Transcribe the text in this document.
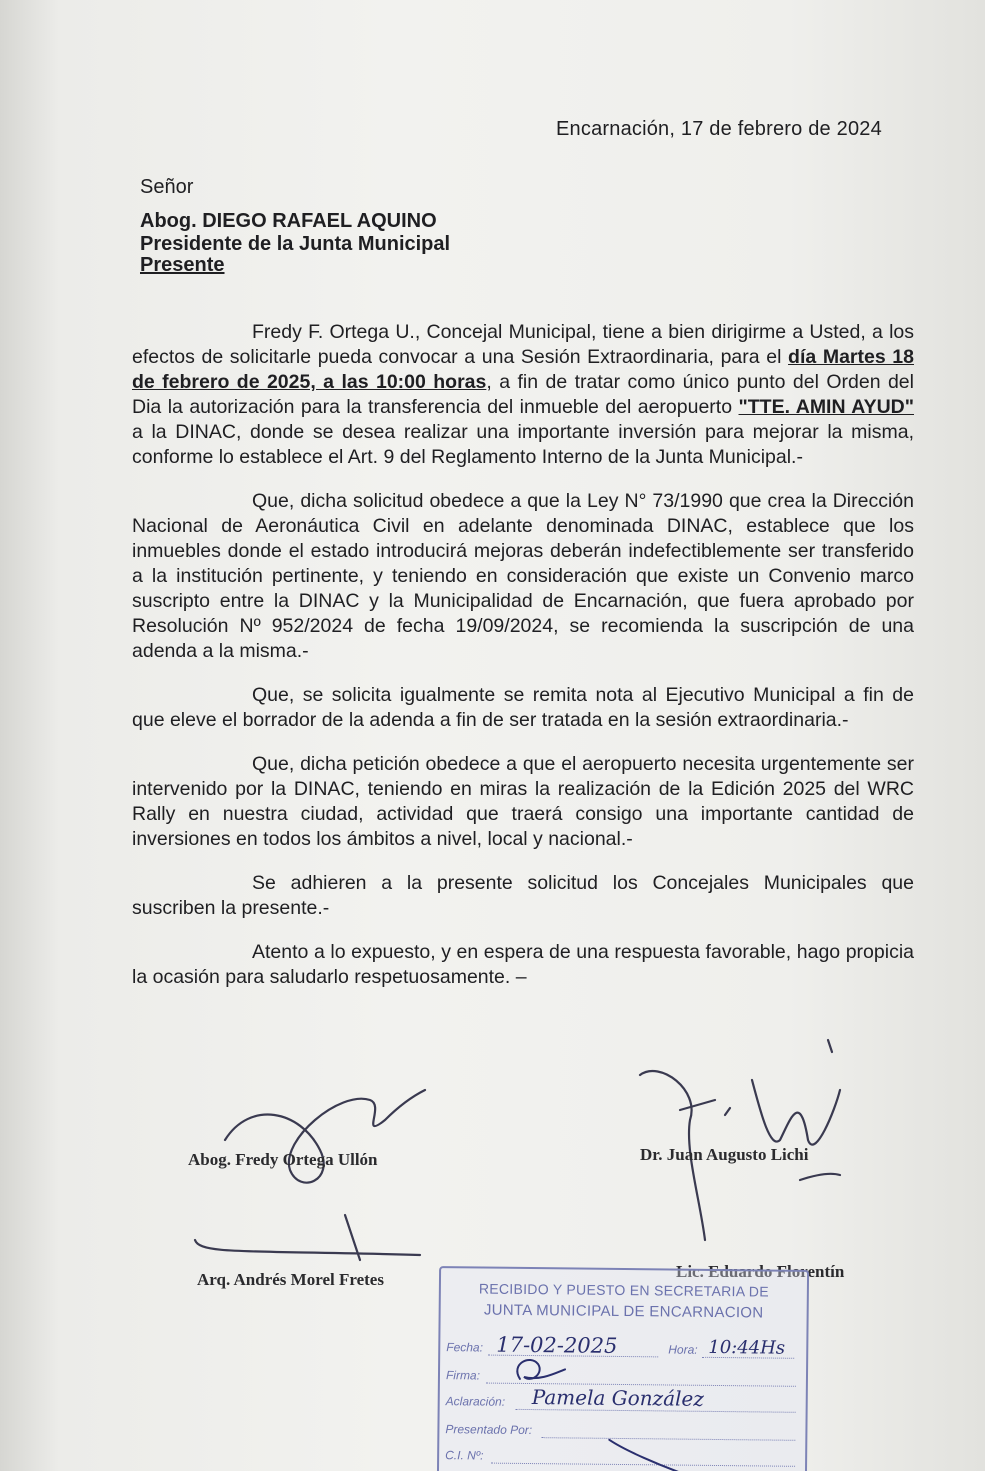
Encarnación, 17 de febrero de 2024
Señor
Abog. DIEGO RAFAEL AQUINO
Presidente de la Junta Municipal
Presente

Fredy F. Ortega U., Concejal Municipal, tiene a bien dirigirme a Usted, a los efectos de solicitarle pueda convocar a una Sesión Extraordinaria, para el día Martes 18 de febrero de 2025, a las 10:00 horas, a fin de tratar como único punto del Orden del Dia la autorización para la transferencia del inmueble del aeropuerto "TTE. AMIN AYUD" a la DINAC, donde se desea realizar una importante inversión para mejorar la misma, conforme lo establece el Art. 9 del Reglamento Interno de la Junta Municipal.-

Que, dicha solicitud obedece a que la Ley N° 73/1990 que crea la Dirección Nacional de Aeronáutica Civil en adelante denominada DINAC, establece que los inmuebles donde el estado introducirá mejoras deberán indefectiblemente ser transferido a la institución pertinente, y teniendo en consideración que existe un Convenio marco suscripto entre la DINAC y la Municipalidad de Encarnación, que fuera aprobado por Resolución Nº 952/2024 de fecha 19/09/2024, se recomienda la suscripción de una adenda a la misma.-

Que, se solicita igualmente se remita nota al Ejecutivo Municipal a fin de que eleve el borrador de la adenda a fin de ser tratada en la sesión extraordinaria.-

Que, dicha petición obedece a que el aeropuerto necesita urgentemente ser intervenido por la DINAC, teniendo en miras la realización de la Edición 2025 del WRC Rally en nuestra ciudad, actividad que traerá consigo una importante cantidad de inversiones en todos los ámbitos a nivel, local y nacional.-

Se adhieren a la presente solicitud los Concejales Municipales que suscriben la presente.-

Atento a lo expuesto, y en espera de una respuesta favorable, hago propicia la ocasión para saludarlo respetuosamente. –

Abog. Fredy Ortega Ullón	Dr. Juan Augusto Lichi
Arq. Andrés Morel Fretes	Lic. Eduardo Florentín
RECIBIDO Y PUESTO EN SECRETARIA DE
JUNTA MUNICIPAL DE ENCARNACION
Fecha: 17-02-2025	Hora: 10:44Hs
Firma:
Aclaración: Pamela González
Presentado Por:
C.I. Nº:
